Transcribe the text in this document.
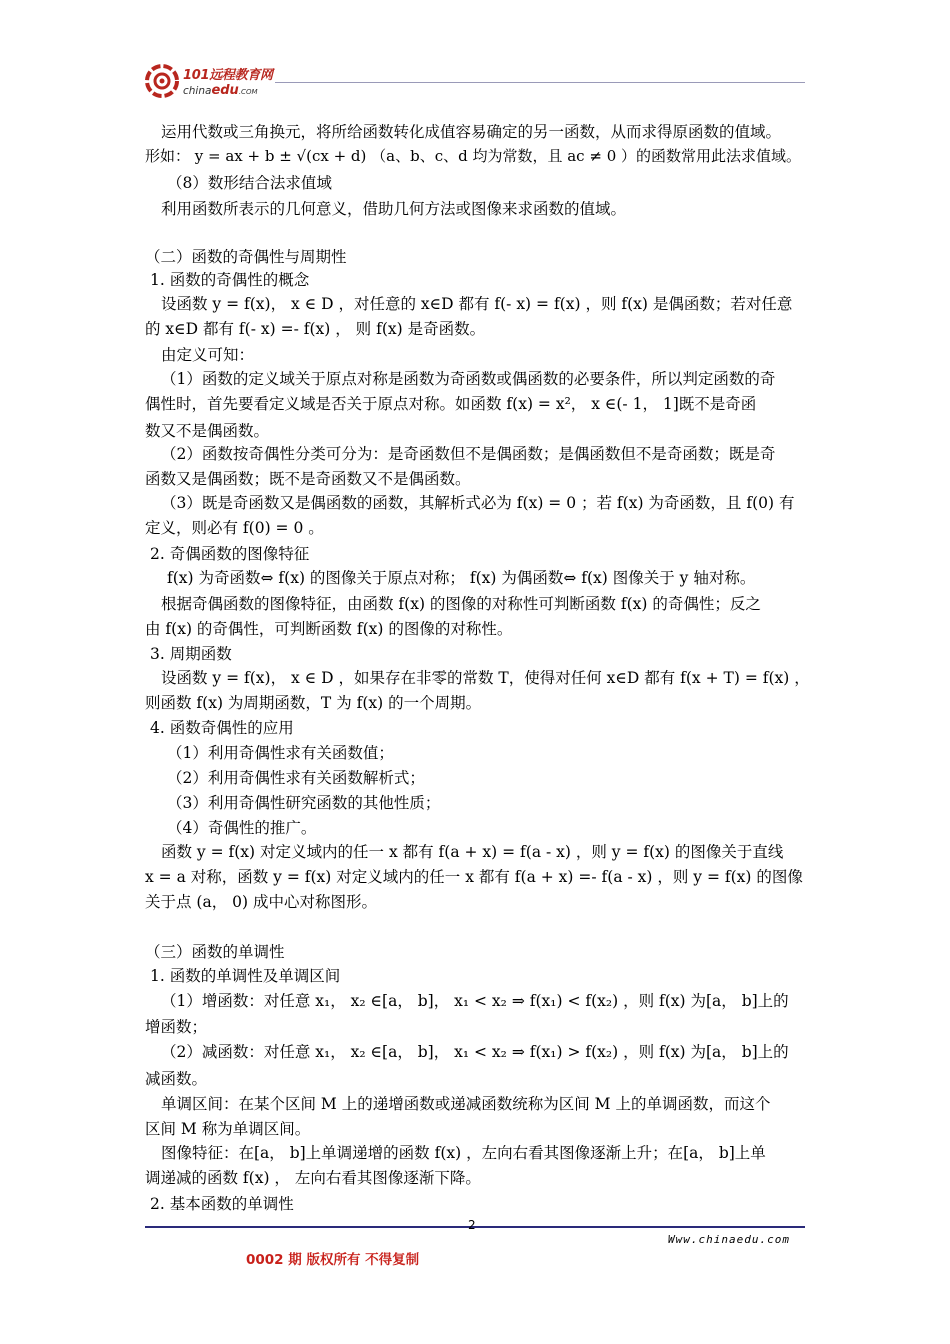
101远程教育网
chinaedu.COM
运用代数或三角换元，将所给函数转化成值容易确定的另一函数，从而求得原函数的值域。
形如： y = ax + b ± √(cx + d) （a、b、c、d 均为常数，且 ac ≠ 0 ）的函数常用此法求值域。
（8）数形结合法求值域
利用函数所表示的几何意义，借助几何方法或图像来求函数的值域。
（二）函数的奇偶性与周期性
1. 函数的奇偶性的概念
设函数 y = f(x)， x ∈ D ，对任意的 x∈D 都有 f(- x) = f(x) ，则 f(x) 是偶函数；若对任意
的 x∈D 都有 f(- x) =- f(x) ， 则 f(x) 是奇函数。
由定义可知：
（1）函数的定义域关于原点对称是函数为奇函数或偶函数的必要条件，所以判定函数的奇
偶性时，首先要看定义域是否关于原点对称。如函数 f(x) = x²， x ∈(- 1， 1]既不是奇函
数又不是偶函数。
（2）函数按奇偶性分类可分为：是奇函数但不是偶函数；是偶函数但不是奇函数；既是奇
函数又是偶函数；既不是奇函数又不是偶函数。
（3）既是奇函数又是偶函数的函数，其解析式必为 f(x) = 0 ；若 f(x) 为奇函数，且 f(0) 有
定义，则必有 f(0) = 0 。
2. 奇偶函数的图像特征
f(x) 为奇函数⇔ f(x) 的图像关于原点对称； f(x) 为偶函数⇔ f(x) 图像关于 y 轴对称。
根据奇偶函数的图像特征，由函数 f(x) 的图像的对称性可判断函数 f(x) 的奇偶性；反之
由 f(x) 的奇偶性，可判断函数 f(x) 的图像的对称性。
3. 周期函数
设函数 y = f(x)， x ∈ D ，如果存在非零的常数 T，使得对任何 x∈D 都有 f(x + T) = f(x) ，
则函数 f(x) 为周期函数，T 为 f(x) 的一个周期。
4. 函数奇偶性的应用
（1）利用奇偶性求有关函数值；
（2）利用奇偶性求有关函数解析式；
（3）利用奇偶性研究函数的其他性质；
（4）奇偶性的推广。
函数 y = f(x) 对定义域内的任一 x 都有 f(a + x) = f(a - x) ，则 y = f(x) 的图像关于直线
x = a 对称，函数 y = f(x) 对定义域内的任一 x 都有 f(a + x) =- f(a - x) ，则 y = f(x) 的图像
关于点 (a， 0) 成中心对称图形。
（三）函数的单调性
1. 函数的单调性及单调区间
（1）增函数：对任意 x₁， x₂ ∈[a， b]， x₁ < x₂ ⇒ f(x₁) < f(x₂) ，则 f(x) 为[a， b]上的
增函数；
（2）减函数：对任意 x₁， x₂ ∈[a， b]， x₁ < x₂ ⇒ f(x₁) > f(x₂) ，则 f(x) 为[a， b]上的
减函数。
单调区间：在某个区间 M 上的递增函数或递减函数统称为区间 M 上的单调函数，而这个
区间 M 称为单调区间。
图像特征：在[a， b]上单调递增的函数 f(x) ，左向右看其图像逐渐上升；在[a， b]上单
调递减的函数 f(x) ， 左向右看其图像逐渐下降。
2. 基本函数的单调性
2
Www.chinaedu.com
0002 期 版权所有 不得复制
